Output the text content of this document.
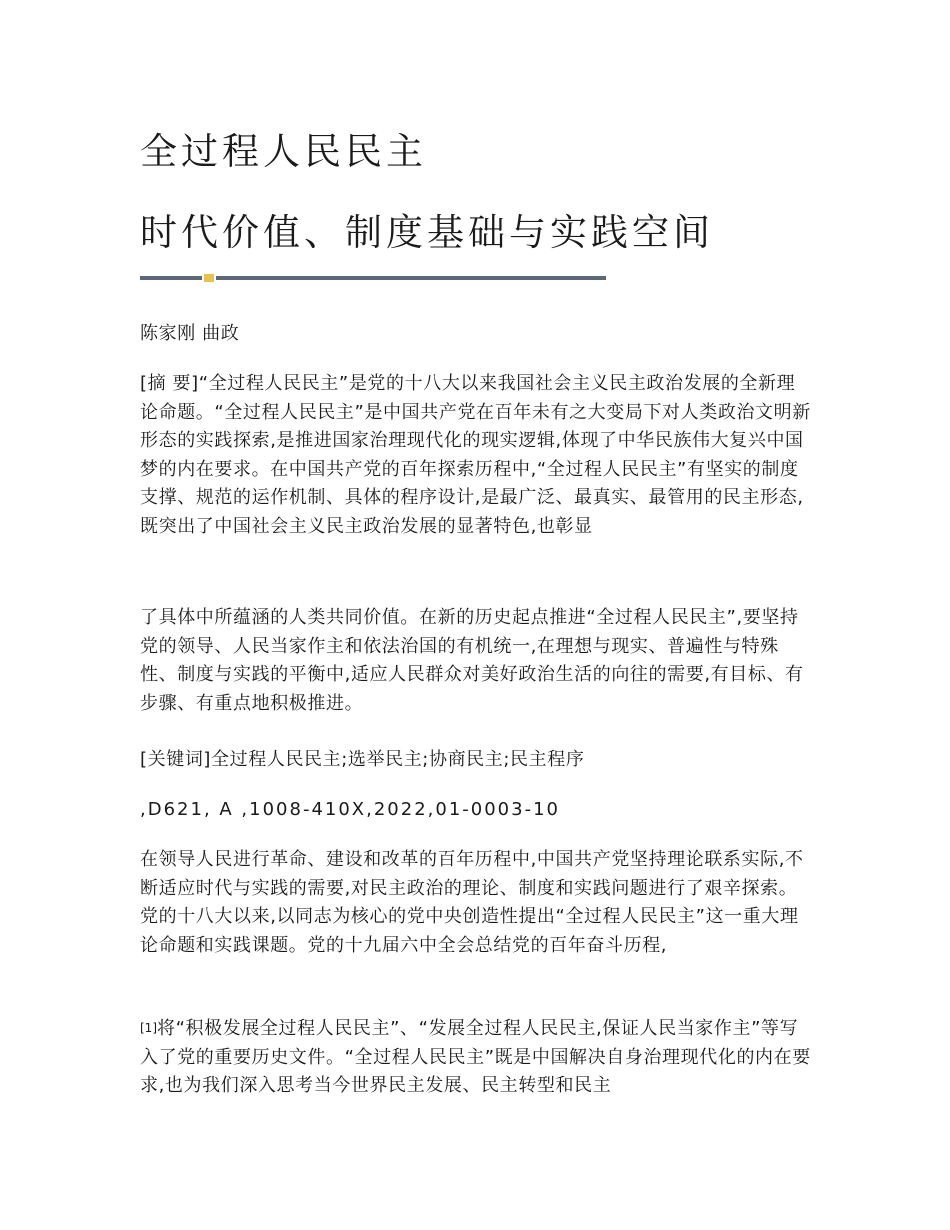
全过程人民民主
时代价值、制度基础与实践空间

陈家刚 曲政

[摘 要]“全过程人民民主”是党的十八大以来我国社会主义民主政治发展的全新理论命题。“全过程人民民主”是中国共产党在百年未有之大变局下对人类政治文明新形态的实践探索,是推进国家治理现代化的现实逻辑,体现了中华民族伟大复兴中国梦的内在要求。在中国共产党的百年探索历程中,“全过程人民民主”有坚实的制度支撑、规范的运作机制、具体的程序设计,是最广泛、最真实、最管用的民主形态,既突出了中国社会主义民主政治发展的显著特色,也彰显

了具体中所蕴涵的人类共同价值。在新的历史起点推进“全过程人民民主”,要坚持党的领导、人民当家作主和依法治国的有机统一,在理想与现实、普遍性与特殊性、制度与实践的平衡中,适应人民群众对美好政治生活的向往的需要,有目标、有步骤、有重点地积极推进。

[关键词]全过程人民民主;选举民主;协商民主;民主程序

,D621, A ,1008-410X,2022,01-0003-10

在领导人民进行革命、建设和改革的百年历程中,中国共产党坚持理论联系实际,不断适应时代与实践的需要,对民主政治的理论、制度和实践问题进行了艰辛探索。党的十八大以来,以同志为核心的党中央创造性提出“全过程人民民主”这一重大理论命题和实践课题。党的十九届六中全会总结党的百年奋斗历程,

[1]将“积极发展全过程人民民主”、“发展全过程人民民主,保证人民当家作主”等写入了党的重要历史文件。“全过程人民民主”既是中国解决自身治理现代化的内在要求,也为我们深入思考当今世界民主发展、民主转型和民主
